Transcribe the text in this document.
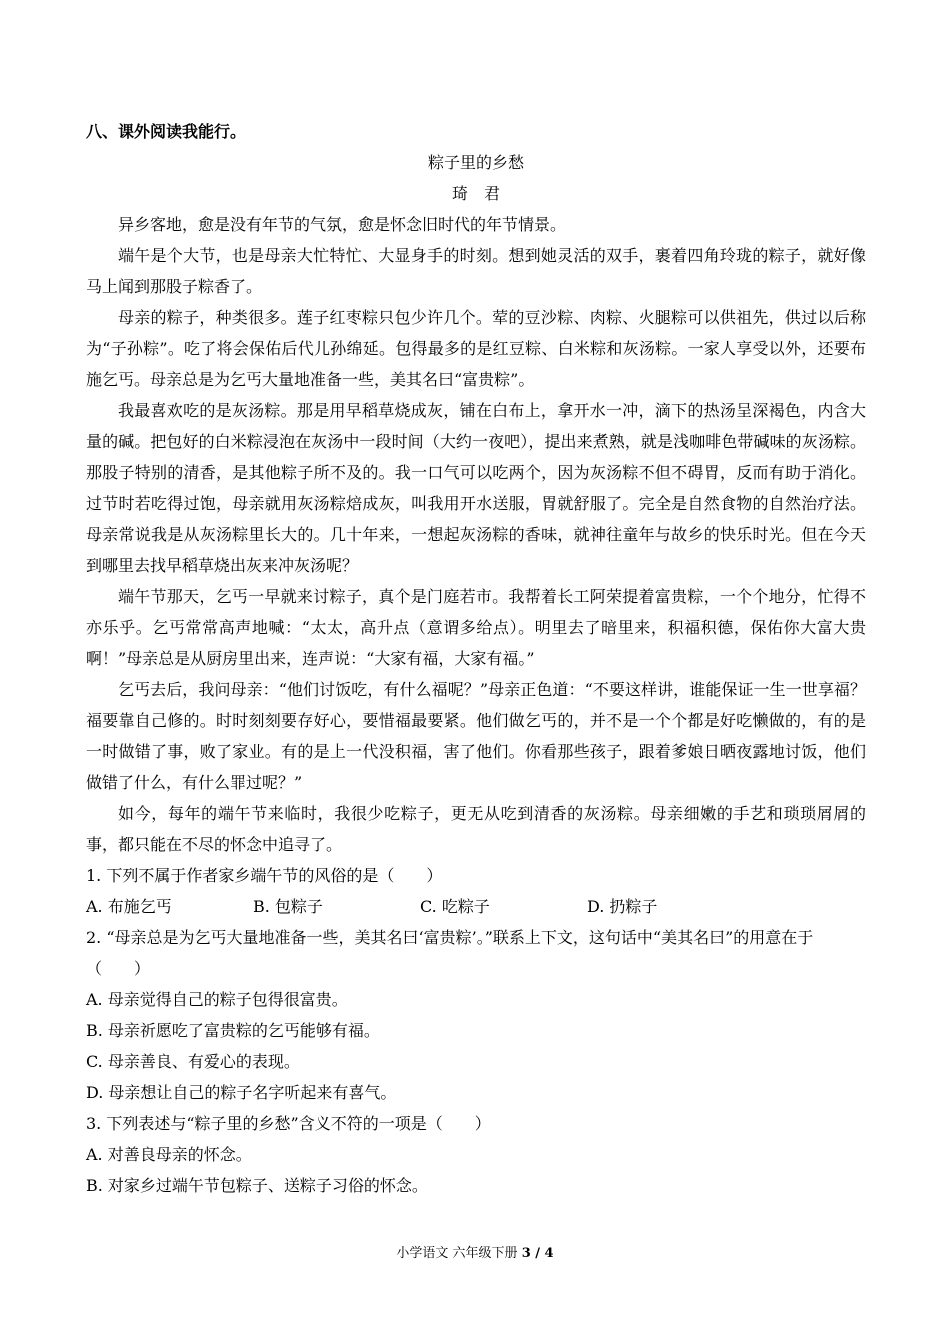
八、课外阅读我能行。
粽子里的乡愁
琦　君
异乡客地，愈是没有年节的气氛，愈是怀念旧时代的年节情景。
端午是个大节，也是母亲大忙特忙、大显身手的时刻。想到她灵活的双手，裹着四角玲珑的粽子，就好像马上闻到那股子粽香了。
母亲的粽子，种类很多。莲子红枣粽只包少许几个。荤的豆沙粽、肉粽、火腿粽可以供祖先，供过以后称为“子孙粽”。吃了将会保佑后代儿孙绵延。包得最多的是红豆粽、白米粽和灰汤粽。一家人享受以外，还要布施乞丐。母亲总是为乞丐大量地准备一些，美其名曰“富贵粽”。
我最喜欢吃的是灰汤粽。那是用早稻草烧成灰，铺在白布上，拿开水一冲，滴下的热汤呈深褐色，内含大量的碱。把包好的白米粽浸泡在灰汤中一段时间（大约一夜吧），提出来煮熟，就是浅咖啡色带碱味的灰汤粽。那股子特别的清香，是其他粽子所不及的。我一口气可以吃两个，因为灰汤粽不但不碍胃，反而有助于消化。过节时若吃得过饱，母亲就用灰汤粽焙成灰，叫我用开水送服，胃就舒服了。完全是自然食物的自然治疗法。母亲常说我是从灰汤粽里长大的。几十年来，一想起灰汤粽的香味，就神往童年与故乡的快乐时光。但在今天到哪里去找早稻草烧出灰来冲灰汤呢？
端午节那天，乞丐一早就来讨粽子，真个是门庭若市。我帮着长工阿荣提着富贵粽，一个个地分，忙得不亦乐乎。乞丐常常高声地喊：“太太，高升点（意谓多给点）。明里去了暗里来，积福积德，保佑你大富大贵啊！”母亲总是从厨房里出来，连声说：“大家有福，大家有福。”
乞丐去后，我问母亲：“他们讨饭吃，有什么福呢？”母亲正色道：“不要这样讲，谁能保证一生一世享福？福要靠自己修的。时时刻刻要存好心，要惜福最要紧。他们做乞丐的，并不是一个个都是好吃懒做的，有的是一时做错了事，败了家业。有的是上一代没积福，害了他们。你看那些孩子，跟着爹娘日晒夜露地讨饭，他们做错了什么，有什么罪过呢？”
如今，每年的端午节来临时，我很少吃粽子，更无从吃到清香的灰汤粽。母亲细嫩的手艺和琐琐屑屑的事，都只能在不尽的怀念中追寻了。
1. 下列不属于作者家乡端午节的风俗的是（　　）
A. 布施乞丐	B. 包粽子	C. 吃粽子	D. 扔粽子
2. “母亲总是为乞丐大量地准备一些，美其名曰‘富贵粽’。”联系上下文，这句话中“美其名曰”的用意在于（　　）
A. 母亲觉得自己的粽子包得很富贵。
B. 母亲祈愿吃了富贵粽的乞丐能够有福。
C. 母亲善良、有爱心的表现。
D. 母亲想让自己的粽子名字听起来有喜气。
3. 下列表述与“粽子里的乡愁”含义不符的一项是（　　）
A. 对善良母亲的怀念。
B. 对家乡过端午节包粽子、送粽子习俗的怀念。
小学语文 六年级下册 3 / 4
